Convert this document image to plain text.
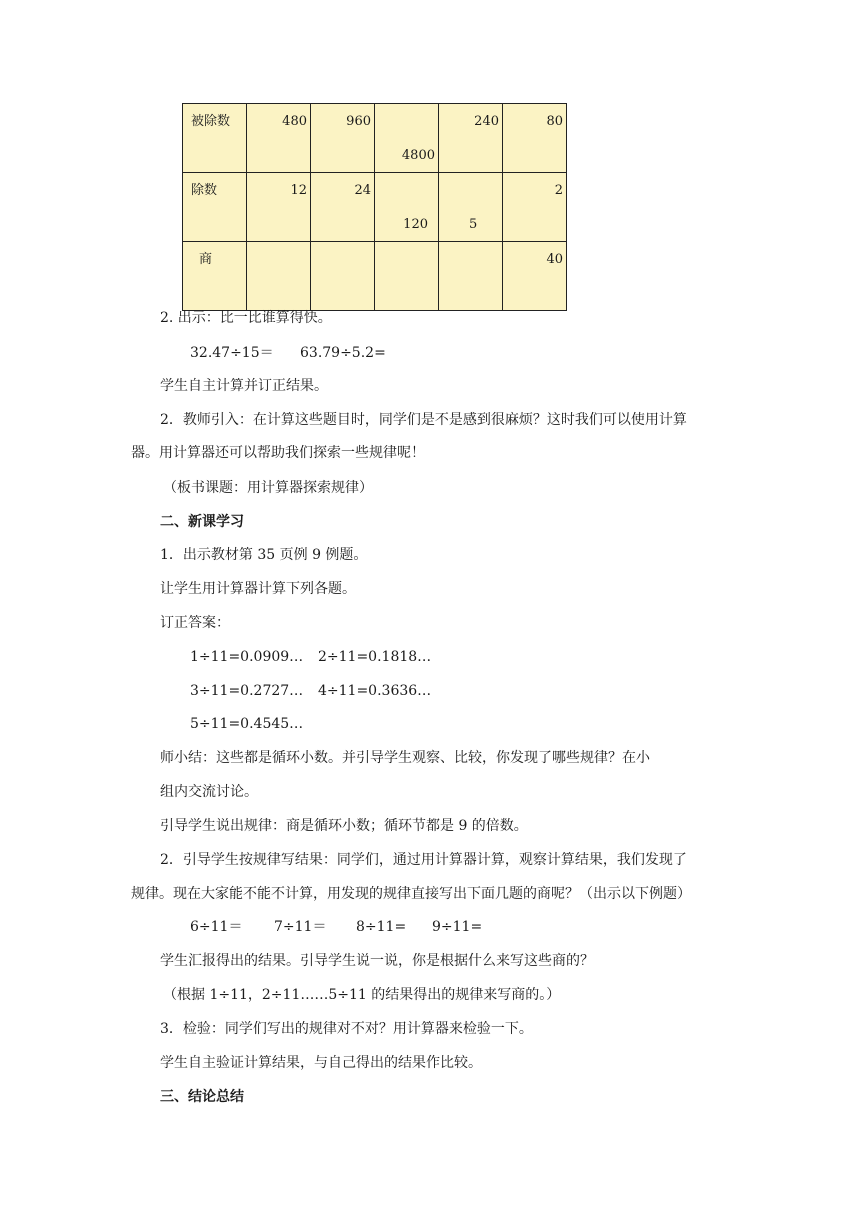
被除数	480	960	4800	240	80

除数	12	24	120	5	2

商					40
2. 出示：比一比谁算得快。
32.47÷15＝ 63.79÷5.2=
学生自主计算并订正结果。
2．教师引入：在计算这些题目时，同学们是不是感到很麻烦？这时我们可以使用计算
器。用计算器还可以帮助我们探索一些规律呢！
（板书课题：用计算器探索规律）
二、新课学习
1．出示教材第 35 页例 9 例题。
让学生用计算器计算下列各题。
订正答案：
1÷11=0.0909… 2÷11=0.1818…
3÷11=0.2727… 4÷11=0.3636…
5÷11=0.4545…
师小结：这些都是循环小数。并引导学生观察、比较，你发现了哪些规律？在小
组内交流讨论。
引导学生说出规律：商是循环小数；循环节都是 9 的倍数。
2．引导学生按规律写结果：同学们，通过用计算器计算，观察计算结果，我们发现了
规律。现在大家能不能不计算，用发现的规律直接写出下面几题的商呢？（出示以下例题）
6÷11＝ 7÷11＝ 8÷11= 9÷11=
学生汇报得出的结果。引导学生说一说，你是根据什么来写这些商的？
（根据 1÷11，2÷11……5÷11 的结果得出的规律来写商的。）
3．检验：同学们写出的规律对不对？用计算器来检验一下。
学生自主验证计算结果，与自己得出的结果作比较。
三、结论总结
